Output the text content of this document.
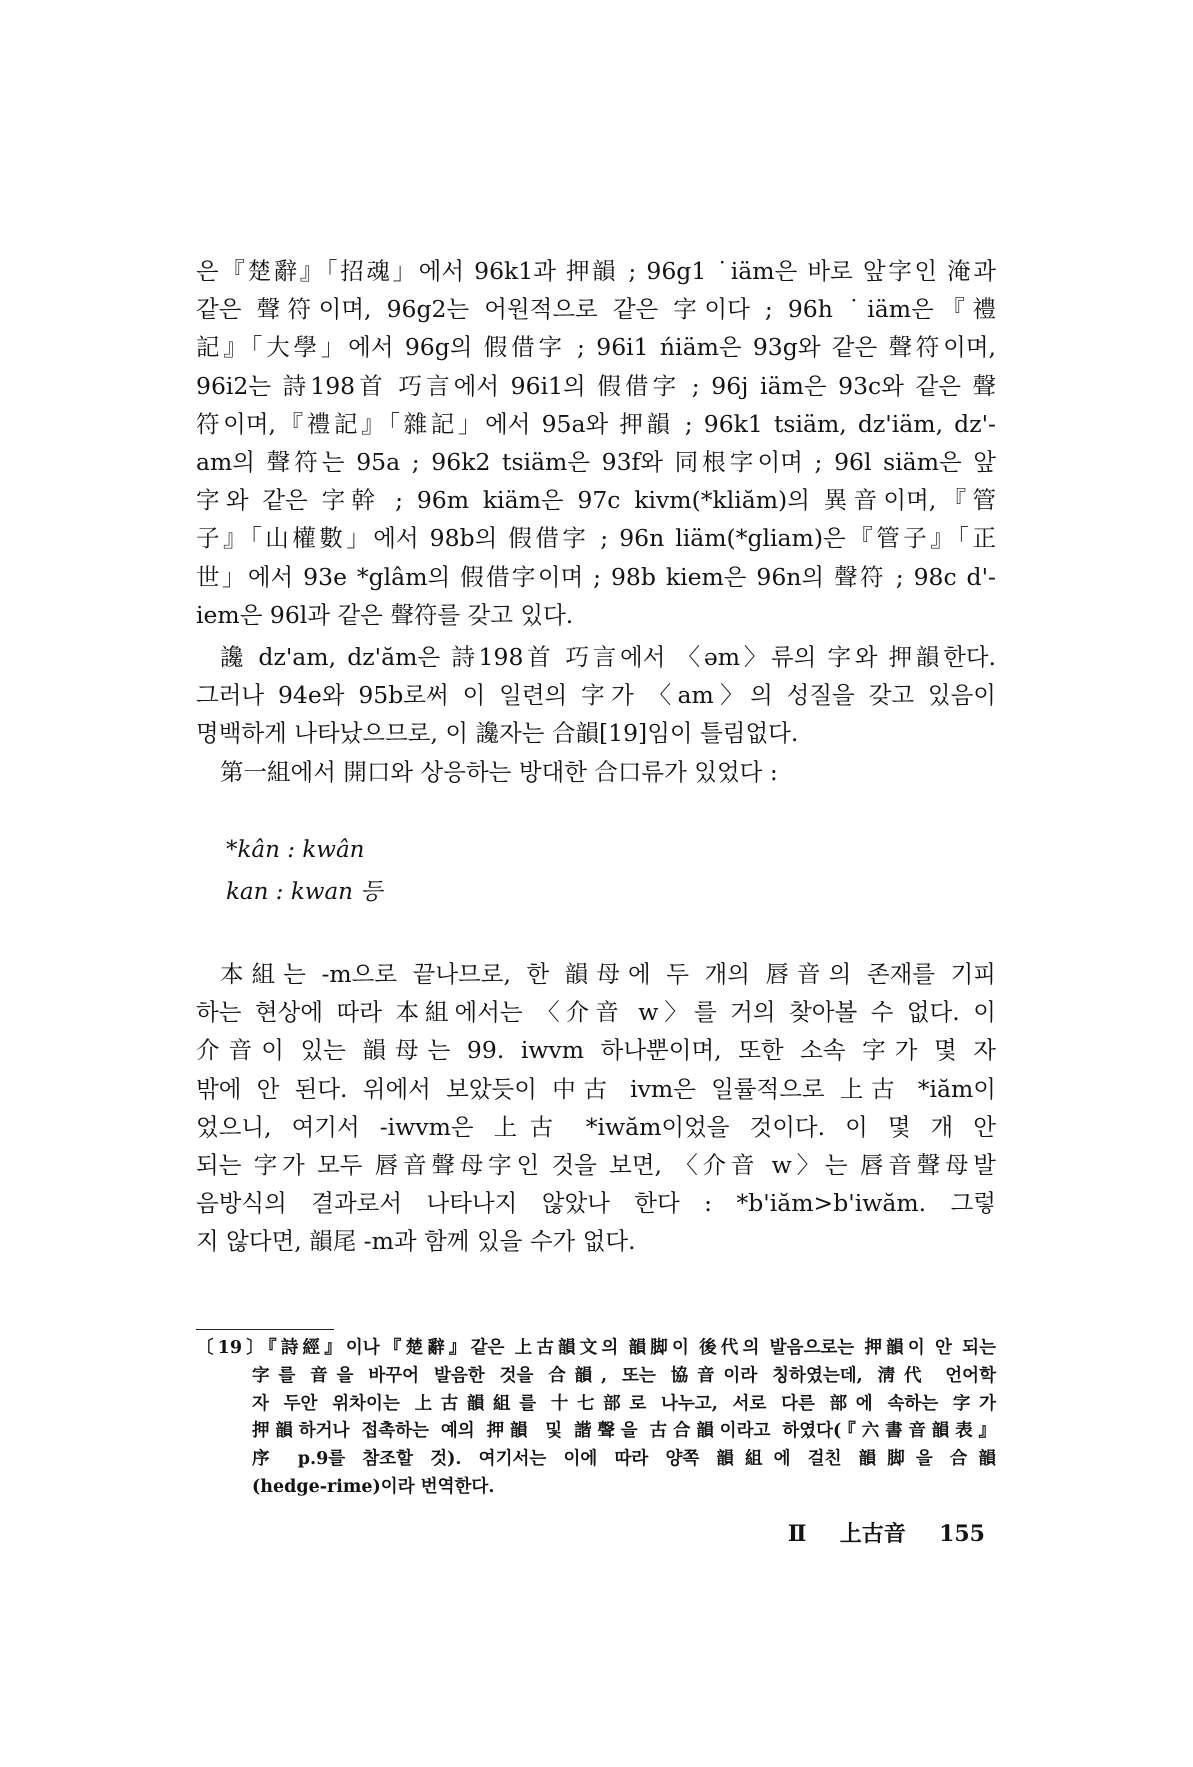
은『楚辭』「招魂」에서 96k1과 押韻 ; 96g1 ˙iäm은 바로 앞字인 淹과
같은 聲符이며, 96g2는 어원적으로 같은 字이다 ; 96h ˙iäm은『禮
記』「大學」에서 96g의 假借字 ; 96i1 ńiäm은 93g와 같은 聲符이며,
96i2는 詩198首 巧言에서 96i1의 假借字 ; 96j iäm은 93c와 같은 聲
符이며,『禮記』「雜記」에서 95a와 押韻 ; 96k1 tsiäm, dz'iäm, dz'-
am의 聲符는 95a ; 96k2 tsiäm은 93f와 同根字이며 ; 96l siäm은 앞
字와 같은 字幹 ; 96m kiäm은 97c kivm(*kliăm)의 異音이며,『管
子』「山權數」에서 98b의 假借字 ; 96n liäm(*gliam)은『管子』「正
世」에서 93e *glâm의 假借字이며 ; 98b kiem은 96n의 聲符 ; 98c d'-
iem은 96l과 같은 聲符를 갖고 있다.
讒 dz'am, dz'ăm은 詩198首 巧言에서 〈əm〉류의 字와 押韻한다.
그러나 94e와 95b로써 이 일련의 字가 〈am〉의 성질을 갖고 있음이
명백하게 나타났으므로, 이 讒자는 合韻[19]임이 틀림없다.
第一組에서 開口와 상응하는 방대한 合口류가 있었다 :
*kân : kwân
kan : kwan 등
本組는 -m으로 끝나므로, 한 韻母에 두 개의 唇音의 존재를 기피
하는 현상에 따라 本組에서는 〈介音 w〉를 거의 찾아볼 수 없다. 이
介音이 있는 韻母는 99. iwvm 하나뿐이며, 또한 소속 字가 몇 자
밖에 안 된다. 위에서 보았듯이 中古 ivm은 일률적으로 上古 *iăm이
었으니, 여기서 -iwvm은 上古 *iwăm이었을 것이다. 이 몇 개 안
되는 字가 모두 唇音聲母字인 것을 보면, 〈介音 w〉는 唇音聲母발
음방식의 결과로서 나타나지 않았나 한다 : *b'iăm>b'iwăm. 그렇
지 않다면, 韻尾 -m과 함께 있을 수가 없다.
〔19〕『詩經』이나『楚辭』같은 上古韻文의 韻脚이 後代의 발음으로는 押韻이 안 되는
字를 音을 바꾸어 발음한 것을 合韻, 또는 協音이라 칭하였는데, 淸代 언어학
자 두안 위차이는 上古韻組를 十七部로 나누고, 서로 다른 部에 속하는 字가
押韻하거나 접촉하는 예의 押韻 및 諧聲을 古合韻이라고 하였다(『六書音韻表』
序 p.9를 참조할 것). 여기서는 이에 따라 양쪽 韻組에 걸친 韻脚을 合韻
(hedge-rime)이라 번역한다.
Ⅱ 上古音 155
